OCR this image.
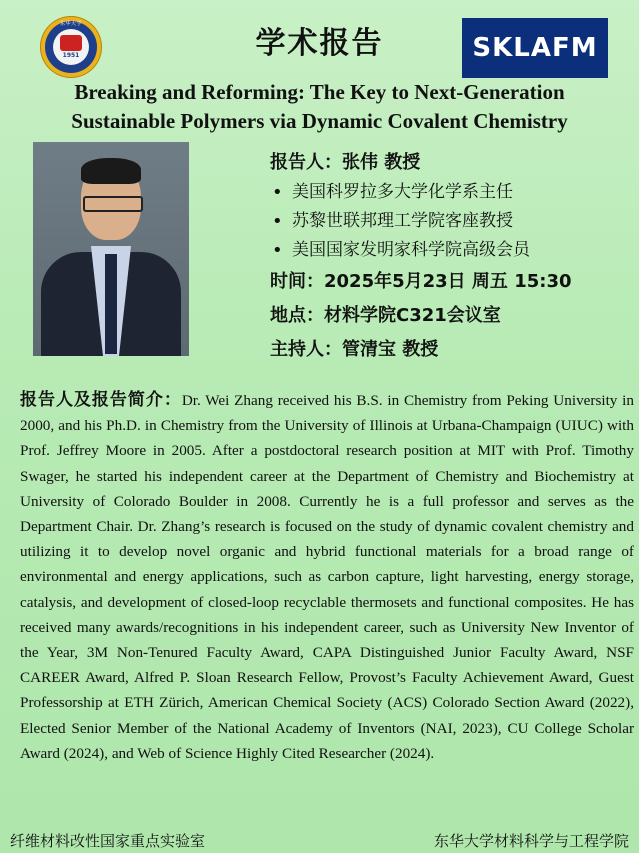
东华大学
1951	学术报告	SKLAFM
Breaking and Reforming: The Key to Next-Generation
Sustainable Polymers via Dynamic Covalent Chemistry
报告人：张伟 教授
• 美国科罗拉多大学化学系主任
• 苏黎世联邦理工学院客座教授
• 美国国家发明家科学院高级会员
时间：2025年5月23日 周五 15:30
地点：材料学院C321会议室
主持人：管清宝 教授
报告人及报告简介：Dr. Wei Zhang received his B.S. in Chemistry from Peking University in 2000, and his Ph.D. in Chemistry from the University of Illinois at Urbana-Champaign (UIUC) with Prof. Jeffrey Moore in 2005. After a postdoctoral research position at MIT with Prof. Timothy Swager, he started his independent career at the Department of Chemistry and Biochemistry at University of Colorado Boulder in 2008. Currently he is a full professor and serves as the Department Chair. Dr. Zhang’s research is focused on the study of dynamic covalent chemistry and utilizing it to develop novel organic and hybrid functional materials for a broad range of environmental and energy applications, such as carbon capture, light harvesting, energy storage, catalysis, and development of closed-loop recyclable thermosets and functional composites. He has received many awards/recognitions in his independent career, such as University New Inventor of the Year, 3M Non-Tenured Faculty Award, CAPA Distinguished Junior Faculty Award, NSF CAREER Award, Alfred P. Sloan Research Fellow, Provost’s Faculty Achievement Award, Guest Professorship at ETH Zürich, American Chemical Society (ACS) Colorado Section Award (2022), Elected Senior Member of the National Academy of Inventors (NAI, 2023), CU College Scholar Award (2024), and Web of Science Highly Cited Researcher (2024).
纤维材料改性国家重点实验室	东华大学材料科学与工程学院
